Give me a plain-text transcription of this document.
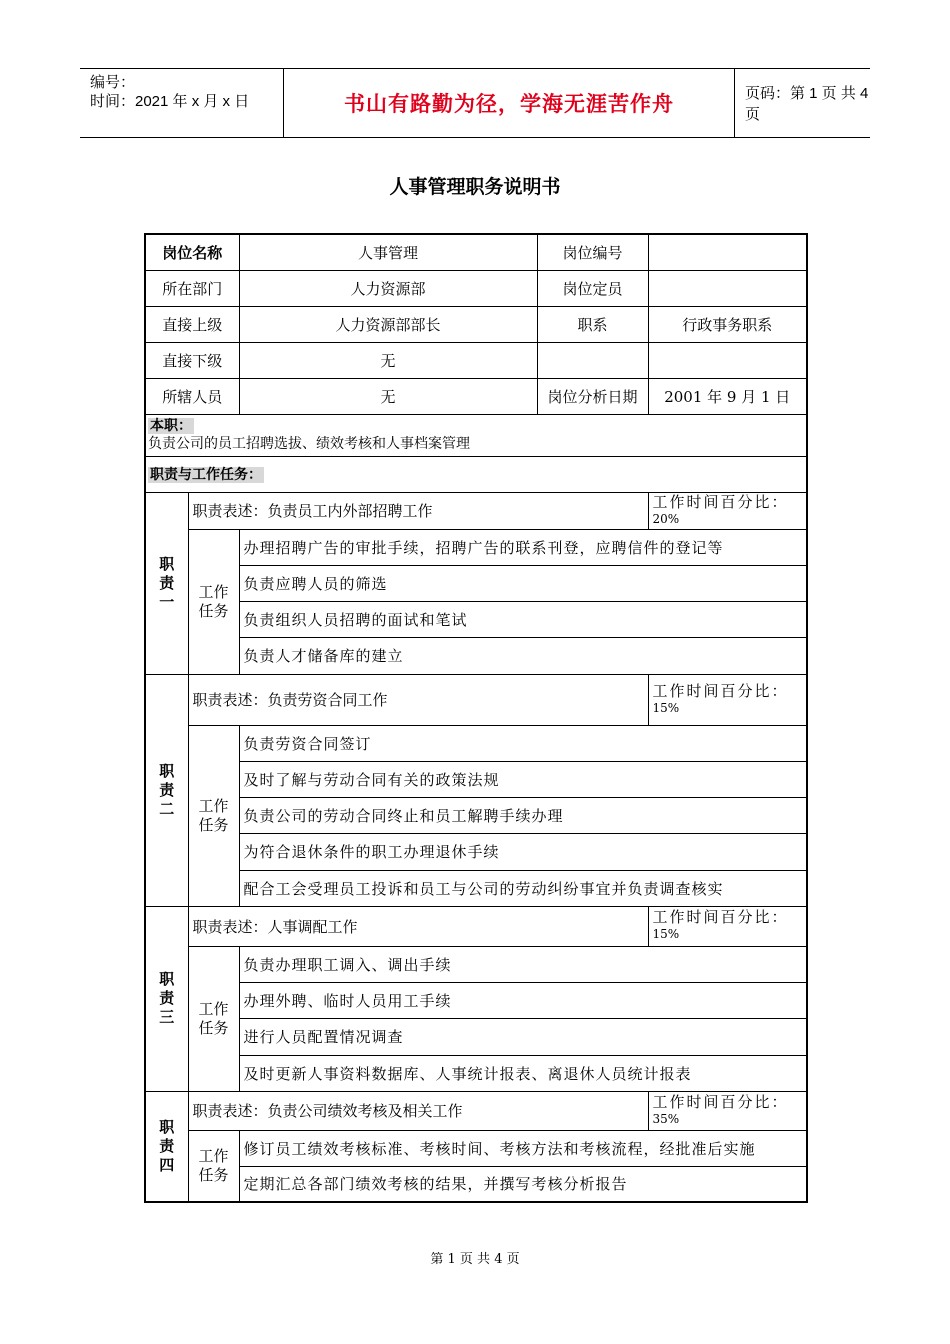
编号：
时间：2021 年 x 月 x 日	书山有路勤为径，学海无涯苦作舟	页码：第 1 页 共 4 页
人事管理职务说明书
岗位名称		人事管理	岗位编号	
所在部门		人力资源部	岗位定员	
直接上级		人力资源部部长	职系	行政事务职系
直接下级		无		
所辖人员		无	岗位分析日期	2001 年 9 月 1 日

本职：
负责公司的员工招聘选拔、绩效考核和人事档案管理				

职责与工作任务：				

职责一	职责表述：负责员工内外部招聘工作			工作时间百分比：
20%

	工作任务	办理招聘广告的审批手续，招聘广告的联系刊登，应聘信件的登记等		
		负责应聘人员的筛选		
		负责组织人员招聘的面试和笔试		
		负责人才储备库的建立		

职责二	职责表述：负责劳资合同工作			工作时间百分比：
15%

	工作任务	负责劳资合同签订		
		及时了解与劳动合同有关的政策法规		
		负责公司的劳动合同终止和员工解聘手续办理		
		为符合退休条件的职工办理退休手续		
		配合工会受理员工投诉和员工与公司的劳动纠纷事宜并负责调查核实		

职责三	职责表述：人事调配工作			工作时间百分比：
15%

	工作任务	负责办理职工调入、调出手续		
		办理外聘、临时人员用工手续		
		进行人员配置情况调查		
		及时更新人事资料数据库、人事统计报表、离退休人员统计报表		

职责四	职责表述：负责公司绩效考核及相关工作			工作时间百分比：
35%

	工作任务	修订员工绩效考核标准、考核时间、考核方法和考核流程，经批准后实施		
		定期汇总各部门绩效考核的结果，并撰写考核分析报告		
第 1 页 共 4 页
